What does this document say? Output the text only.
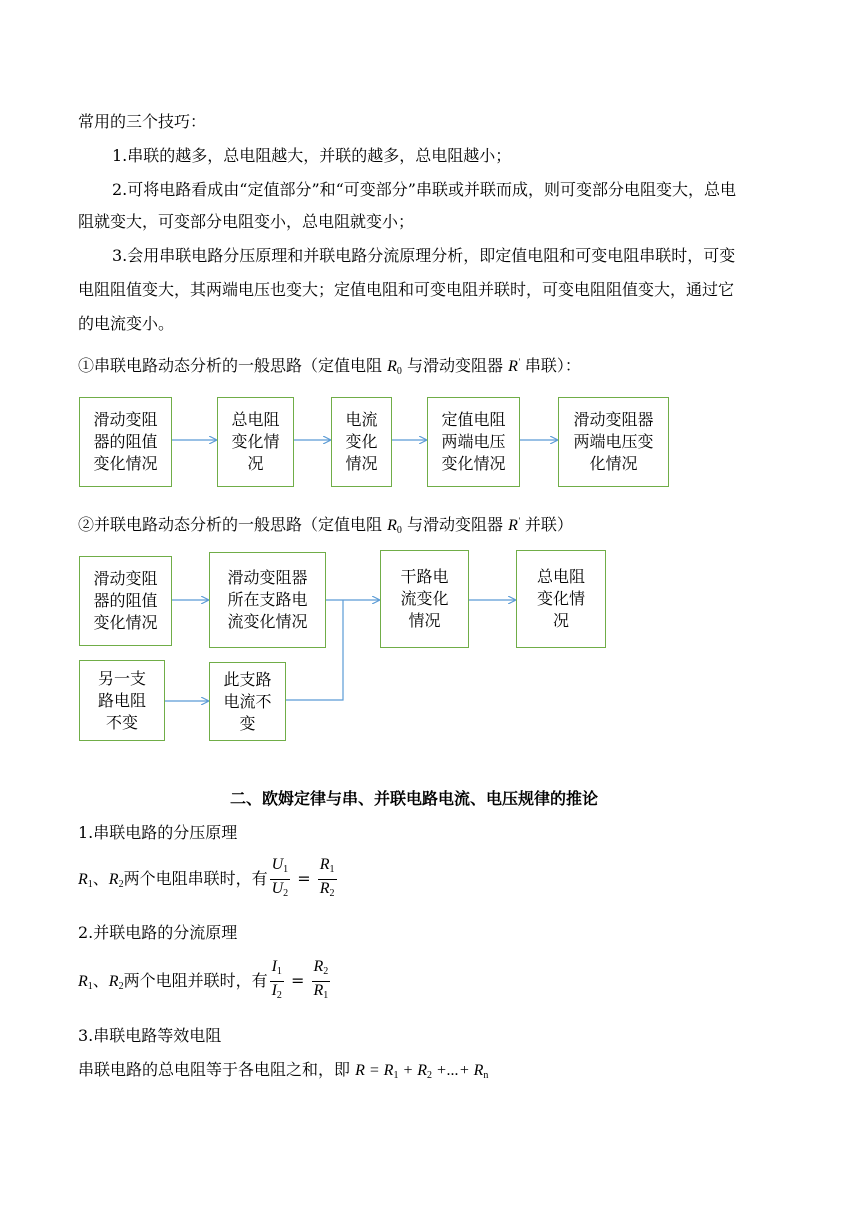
常用的三个技巧：
1.串联的越多，总电阻越大，并联的越多，总电阻越小；
2.可将电路看成由“定值部分”和“可变部分”串联或并联而成，则可变部分电阻变大，总电
阻就变大，可变部分电阻变小，总电阻就变小；
3.会用串联电路分压原理和并联电路分流原理分析，即定值电阻和可变电阻串联时，可变
电阻阻值变大，其两端电压也变大；定值电阻和可变电阻并联时，可变电阻阻值变大，通过它
的电流变小。
①串联电路动态分析的一般思路（定值电阻 $R_0$ 与滑动变阻器 R' 串联）：
滑动变阻
器的阻值
变化情况
总电阻
变化情
况
电流
变化
情况
定值电阻
两端电压
变化情况
滑动变阻器
两端电压变
化情况
②并联电路动态分析的一般思路（定值电阻 $R_0$ 与滑动变阻器 R' 并联）
滑动变阻
器的阻值
变化情况
滑动变阻器
所在支路电
流变化情况
干路电
流变化
情况
总电阻
变化情
况
另一支
路电阻
不变
此支路
电流不
变
二、欧姆定律与串、并联电路电流、电压规律的推论
1.串联电路的分压原理
$R_1$、$R_2$两个电阻串联时，有 $\frac{U_1}{U_2} = \frac{R_1}{R_2}$
2.并联电路的分流原理
$R_1$、$R_2$两个电阻并联时，有 $\frac{I_1}{I_2} = \frac{R_2}{R_1}$
3.串联电路等效电阻
串联电路的总电阻等于各电阻之和，即 $R = R_1 + R_2$ +...+ $R_n$
